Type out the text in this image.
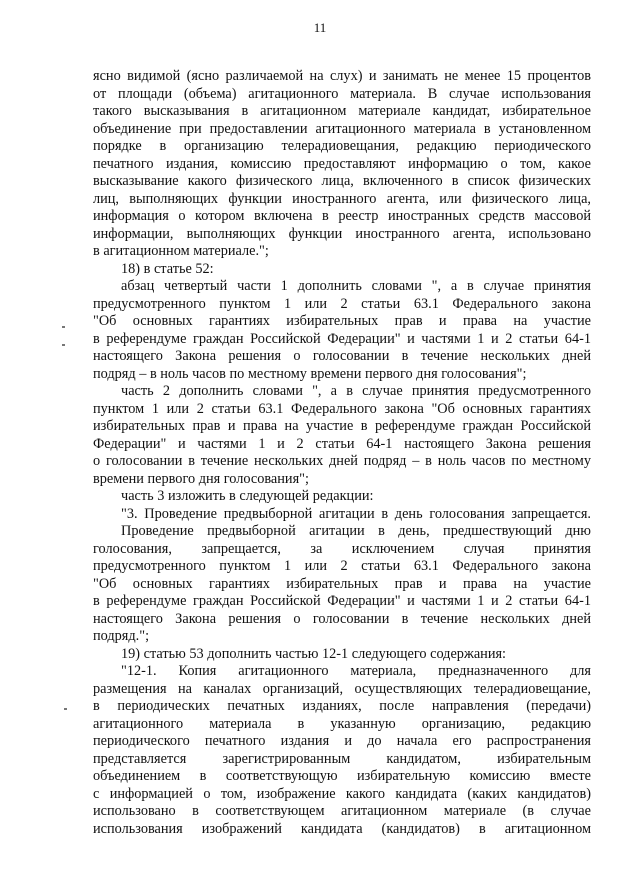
11
ясно видимой (ясно различаемой на слух) и занимать не менее 15 процентов
от площади (объема) агитационного материала. В случае использования
такого высказывания в агитационном материале кандидат, избирательное
объединение при предоставлении агитационного материала в установленном
порядке в организацию телерадиовещания, редакцию периодического
печатного издания, комиссию предоставляют информацию о том, какое
высказывание какого физического лица, включенного в список физических
лиц, выполняющих функции иностранного агента, или физического лица,
информация о котором включена в реестр иностранных средств массовой
информации, выполняющих функции иностранного агента, использовано
в агитационном материале.";
18) в статье 52:
абзац четвертый части 1 дополнить словами ", а в случае принятия
предусмотренного пунктом 1 или 2 статьи 63.1 Федерального закона
"Об основных гарантиях избирательных прав и права на участие
в референдуме граждан Российской Федерации" и частями 1 и 2 статьи 64-1
настоящего Закона решения о голосовании в течение нескольких дней
подряд – в ноль часов по местному времени первого дня голосования";
часть 2 дополнить словами ", а в случае принятия предусмотренного
пунктом 1 или 2 статьи 63.1 Федерального закона "Об основных гарантиях
избирательных прав и права на участие в референдуме граждан Российской
Федерации" и частями 1 и 2 статьи 64-1 настоящего Закона решения
о голосовании в течение нескольких дней подряд – в ноль часов по местному
времени первого дня голосования";
часть 3 изложить в следующей редакции:
"3. Проведение предвыборной агитации в день голосования запрещается.
Проведение предвыборной агитации в день, предшествующий дню
голосования, запрещается, за исключением случая принятия
предусмотренного пунктом 1 или 2 статьи 63.1 Федерального закона
"Об основных гарантиях избирательных прав и права на участие
в референдуме граждан Российской Федерации" и частями 1 и 2 статьи 64-1
настоящего Закона решения о голосовании в течение нескольких дней
подряд.";
19) статью 53 дополнить частью 12-1 следующего содержания:
"12-1. Копия агитационного материала, предназначенного для
размещения на каналах организаций, осуществляющих телерадиовещание,
в периодических печатных изданиях, после направления (передачи)
агитационного материала в указанную организацию, редакцию
периодического печатного издания и до начала его распространения
представляется зарегистрированным кандидатом, избирательным
объединением в соответствующую избирательную комиссию вместе
с информацией о том, изображение какого кандидата (каких кандидатов)
использовано в соответствующем агитационном материале (в случае
использования изображений кандидата (кандидатов) в агитационном
